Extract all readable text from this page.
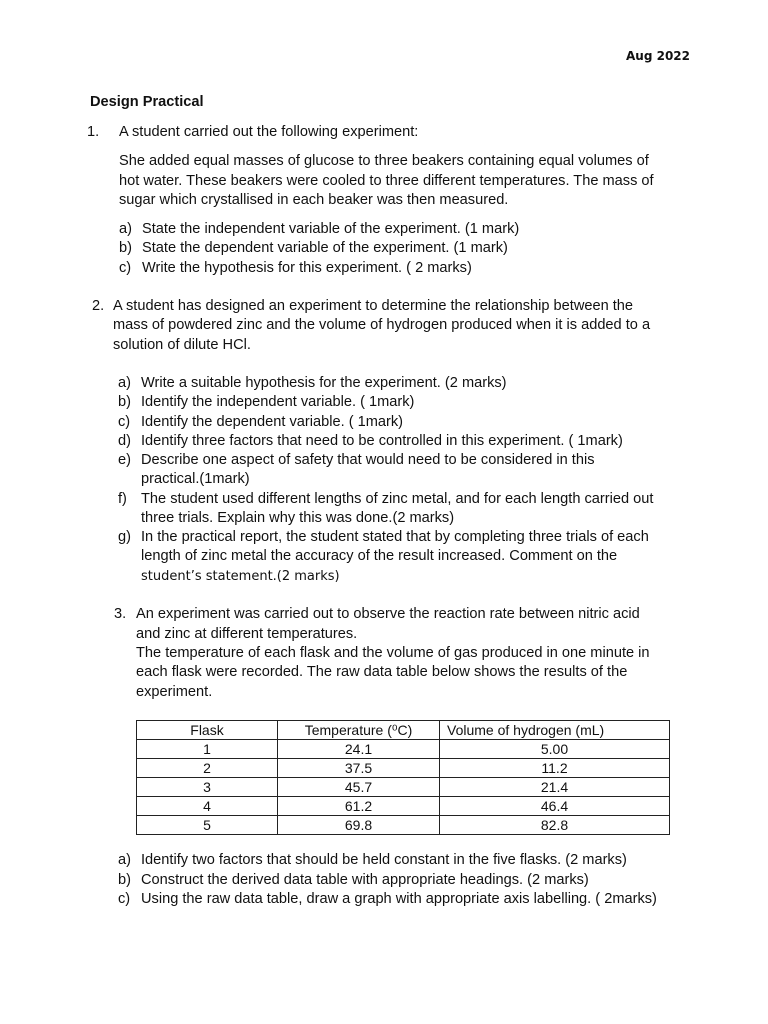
Aug 2022
Design Practical
1. A student carried out the following experiment:
She added equal masses of glucose to three beakers containing equal volumes of
hot water. These beakers were cooled to three different temperatures. The mass of
sugar which crystallised in each beaker was then measured.
a) State the independent variable of the experiment. (1 mark)
b) State the dependent variable of the experiment. (1 mark)
c) Write the hypothesis for this experiment. ( 2 marks)
2. A student has designed an experiment to determine the relationship between the
mass of powdered zinc and the volume of hydrogen produced when it is added to a
solution of dilute HCl.
a) Write a suitable hypothesis for the experiment. (2 marks)
b) Identify the independent variable. ( 1mark)
c) Identify the dependent variable. ( 1mark)
d) Identify three factors that need to be controlled in this experiment. ( 1mark)
e) Describe one aspect of safety that would need to be considered in this
practical.(1mark)
f) The student used different lengths of zinc metal, and for each length carried out
three trials. Explain why this was done.(2 marks)
g) In the practical report, the student stated that by completing three trials of each
length of zinc metal the accuracy of the result increased. Comment on the
student’s statement.(2 marks)
3. An experiment was carried out to observe the reaction rate between nitric acid
and zinc at different temperatures.
The temperature of each flask and the volume of gas produced in one minute in
each flask were recorded. The raw data table below shows the results of the
experiment.
Flask	Temperature (⁰C)	Volume of hydrogen (mL)
1	24.1	5.00
2	37.5	11.2
3	45.7	21.4
4	61.2	46.4
5	69.8	82.8
a) Identify two factors that should be held constant in the five flasks. (2 marks)
b) Construct the derived data table with appropriate headings. (2 marks)
c) Using the raw data table, draw a graph with appropriate axis labelling. ( 2marks)
